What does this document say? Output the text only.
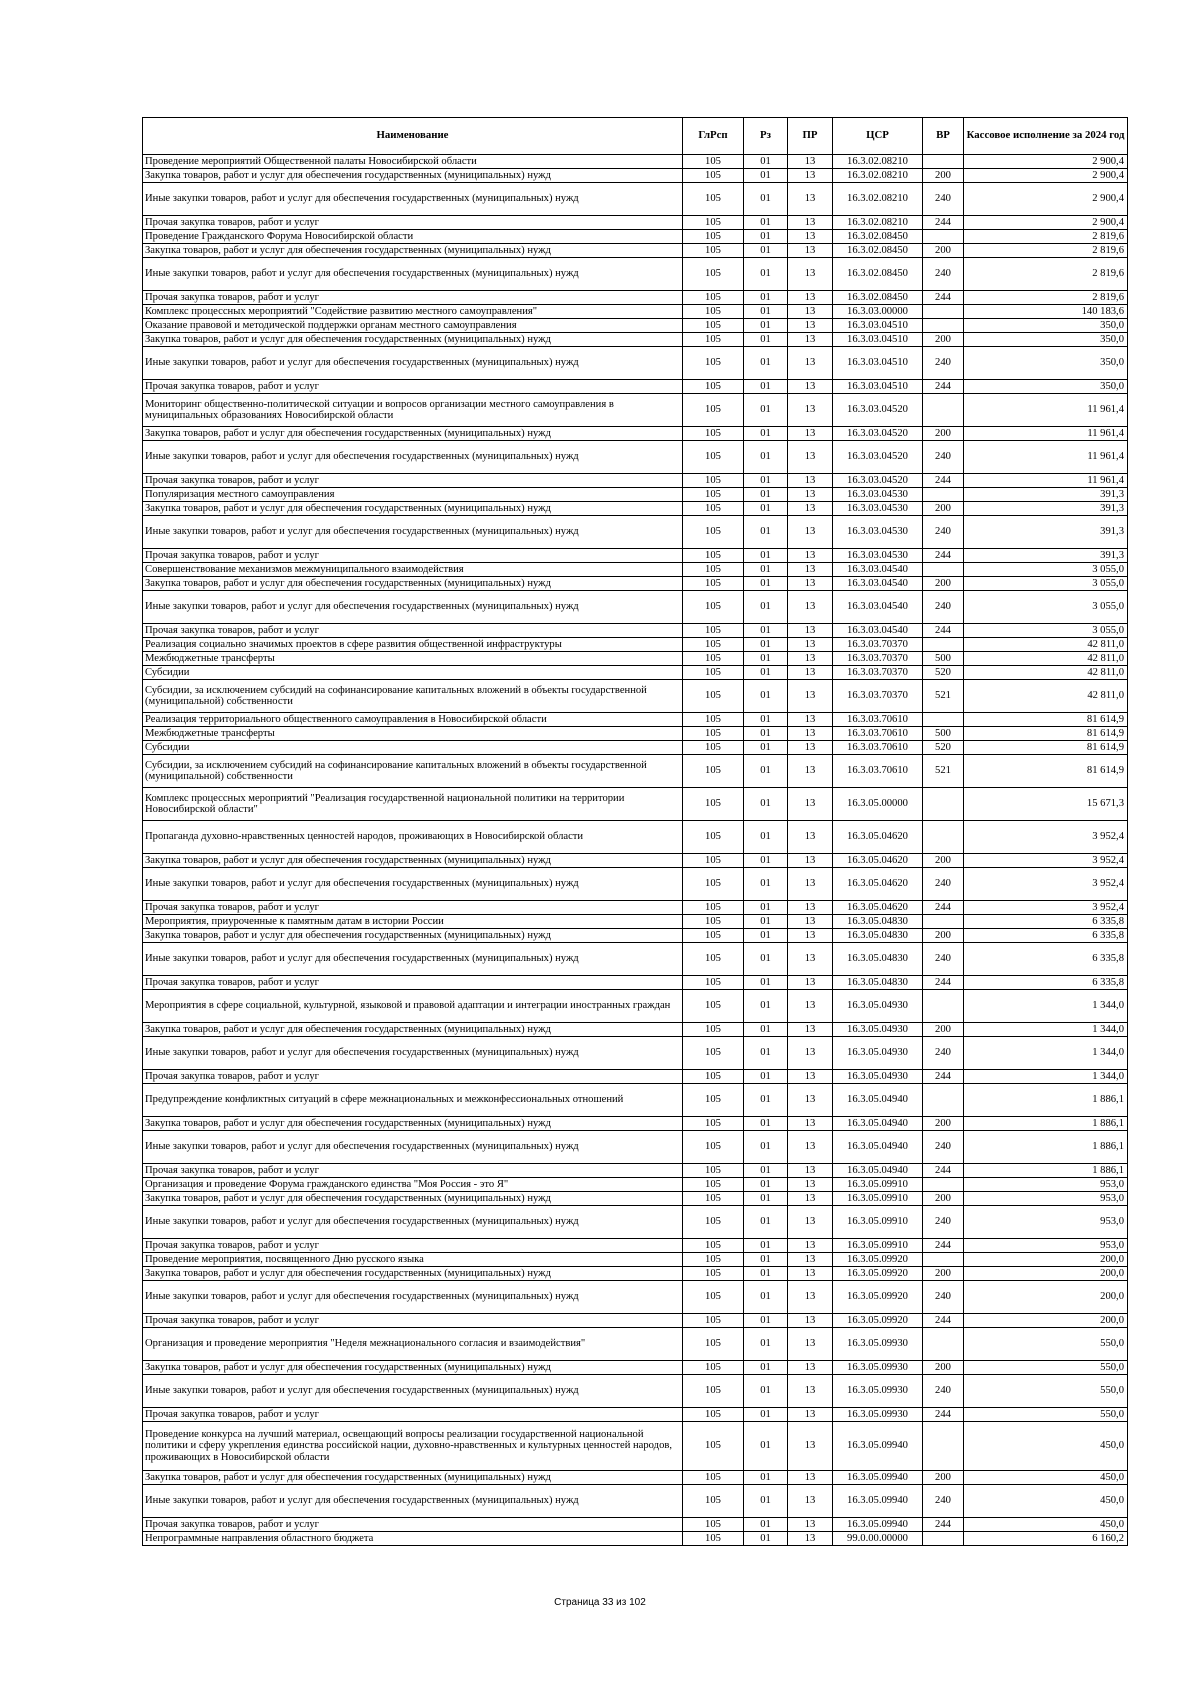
Наименование	ГлРсп	Рз	ПР	ЦСР	ВР	Кассовое исполнение за 2024 год
Проведение мероприятий Общественной палаты Новосибирской области	105	01	13	16.3.02.08210		2 900,4
Закупка товаров, работ и услуг для обеспечения государственных (муниципальных) нужд	105	01	13	16.3.02.08210	200	2 900,4
Иные закупки товаров, работ и услуг для обеспечения государственных (муниципальных) нужд	105	01	13	16.3.02.08210	240	2 900,4
Прочая закупка товаров, работ и услуг	105	01	13	16.3.02.08210	244	2 900,4
Проведение Гражданского Форума Новосибирской области	105	01	13	16.3.02.08450		2 819,6
Закупка товаров, работ и услуг для обеспечения государственных (муниципальных) нужд	105	01	13	16.3.02.08450	200	2 819,6
Иные закупки товаров, работ и услуг для обеспечения государственных (муниципальных) нужд	105	01	13	16.3.02.08450	240	2 819,6
Прочая закупка товаров, работ и услуг	105	01	13	16.3.02.08450	244	2 819,6
Комплекс процессных мероприятий "Содействие развитию местного самоуправления"	105	01	13	16.3.03.00000		140 183,6
Оказание правовой и методической поддержки органам местного самоуправления	105	01	13	16.3.03.04510		350,0
Закупка товаров, работ и услуг для обеспечения государственных (муниципальных) нужд	105	01	13	16.3.03.04510	200	350,0
Иные закупки товаров, работ и услуг для обеспечения государственных (муниципальных) нужд	105	01	13	16.3.03.04510	240	350,0
Прочая закупка товаров, работ и услуг	105	01	13	16.3.03.04510	244	350,0
Мониторинг общественно-политической ситуации и вопросов организации местного самоуправления в муниципальных образованиях Новосибирской области	105	01	13	16.3.03.04520		11 961,4
Закупка товаров, работ и услуг для обеспечения государственных (муниципальных) нужд	105	01	13	16.3.03.04520	200	11 961,4
Иные закупки товаров, работ и услуг для обеспечения государственных (муниципальных) нужд	105	01	13	16.3.03.04520	240	11 961,4
Прочая закупка товаров, работ и услуг	105	01	13	16.3.03.04520	244	11 961,4
Популяризация местного самоуправления	105	01	13	16.3.03.04530		391,3
Закупка товаров, работ и услуг для обеспечения государственных (муниципальных) нужд	105	01	13	16.3.03.04530	200	391,3
Иные закупки товаров, работ и услуг для обеспечения государственных (муниципальных) нужд	105	01	13	16.3.03.04530	240	391,3
Прочая закупка товаров, работ и услуг	105	01	13	16.3.03.04530	244	391,3
Совершенствование механизмов межмуниципального взаимодействия	105	01	13	16.3.03.04540		3 055,0
Закупка товаров, работ и услуг для обеспечения государственных (муниципальных) нужд	105	01	13	16.3.03.04540	200	3 055,0
Иные закупки товаров, работ и услуг для обеспечения государственных (муниципальных) нужд	105	01	13	16.3.03.04540	240	3 055,0
Прочая закупка товаров, работ и услуг	105	01	13	16.3.03.04540	244	3 055,0
Реализация социально значимых проектов в сфере развития общественной инфраструктуры	105	01	13	16.3.03.70370		42 811,0
Межбюджетные трансферты	105	01	13	16.3.03.70370	500	42 811,0
Субсидии	105	01	13	16.3.03.70370	520	42 811,0
Субсидии, за исключением субсидий на софинансирование капитальных вложений в объекты государственной (муниципальной) собственности	105	01	13	16.3.03.70370	521	42 811,0
Реализация территориального общественного самоуправления в Новосибирской области	105	01	13	16.3.03.70610		81 614,9
Межбюджетные трансферты	105	01	13	16.3.03.70610	500	81 614,9
Субсидии	105	01	13	16.3.03.70610	520	81 614,9
Субсидии, за исключением субсидий на софинансирование капитальных вложений в объекты государственной (муниципальной) собственности	105	01	13	16.3.03.70610	521	81 614,9
Комплекс процессных мероприятий "Реализация государственной национальной политики на территории Новосибирской области"	105	01	13	16.3.05.00000		15 671,3
Пропаганда духовно-нравственных ценностей народов, проживающих в Новосибирской области	105	01	13	16.3.05.04620		3 952,4
Закупка товаров, работ и услуг для обеспечения государственных (муниципальных) нужд	105	01	13	16.3.05.04620	200	3 952,4
Иные закупки товаров, работ и услуг для обеспечения государственных (муниципальных) нужд	105	01	13	16.3.05.04620	240	3 952,4
Прочая закупка товаров, работ и услуг	105	01	13	16.3.05.04620	244	3 952,4
Мероприятия, приуроченные к памятным датам в истории России	105	01	13	16.3.05.04830		6 335,8
Закупка товаров, работ и услуг для обеспечения государственных (муниципальных) нужд	105	01	13	16.3.05.04830	200	6 335,8
Иные закупки товаров, работ и услуг для обеспечения государственных (муниципальных) нужд	105	01	13	16.3.05.04830	240	6 335,8
Прочая закупка товаров, работ и услуг	105	01	13	16.3.05.04830	244	6 335,8
Мероприятия в сфере социальной, культурной, языковой и правовой адаптации и интеграции иностранных граждан	105	01	13	16.3.05.04930		1 344,0
Закупка товаров, работ и услуг для обеспечения государственных (муниципальных) нужд	105	01	13	16.3.05.04930	200	1 344,0
Иные закупки товаров, работ и услуг для обеспечения государственных (муниципальных) нужд	105	01	13	16.3.05.04930	240	1 344,0
Прочая закупка товаров, работ и услуг	105	01	13	16.3.05.04930	244	1 344,0
Предупреждение конфликтных ситуаций в сфере межнациональных и межконфессиональных отношений	105	01	13	16.3.05.04940		1 886,1
Закупка товаров, работ и услуг для обеспечения государственных (муниципальных) нужд	105	01	13	16.3.05.04940	200	1 886,1
Иные закупки товаров, работ и услуг для обеспечения государственных (муниципальных) нужд	105	01	13	16.3.05.04940	240	1 886,1
Прочая закупка товаров, работ и услуг	105	01	13	16.3.05.04940	244	1 886,1
Организация и проведение Форума гражданского единства "Моя Россия - это Я"	105	01	13	16.3.05.09910		953,0
Закупка товаров, работ и услуг для обеспечения государственных (муниципальных) нужд	105	01	13	16.3.05.09910	200	953,0
Иные закупки товаров, работ и услуг для обеспечения государственных (муниципальных) нужд	105	01	13	16.3.05.09910	240	953,0
Прочая закупка товаров, работ и услуг	105	01	13	16.3.05.09910	244	953,0
Проведение мероприятия, посвященного Дню русского языка	105	01	13	16.3.05.09920		200,0
Закупка товаров, работ и услуг для обеспечения государственных (муниципальных) нужд	105	01	13	16.3.05.09920	200	200,0
Иные закупки товаров, работ и услуг для обеспечения государственных (муниципальных) нужд	105	01	13	16.3.05.09920	240	200,0
Прочая закупка товаров, работ и услуг	105	01	13	16.3.05.09920	244	200,0
Организация и проведение мероприятия "Неделя межнационального согласия и взаимодействия"	105	01	13	16.3.05.09930		550,0
Закупка товаров, работ и услуг для обеспечения государственных (муниципальных) нужд	105	01	13	16.3.05.09930	200	550,0
Иные закупки товаров, работ и услуг для обеспечения государственных (муниципальных) нужд	105	01	13	16.3.05.09930	240	550,0
Прочая закупка товаров, работ и услуг	105	01	13	16.3.05.09930	244	550,0
Проведение конкурса на лучший материал, освещающий вопросы реализации государственной национальной политики и сферу укрепления единства российской нации, духовно-нравственных и культурных ценностей народов, проживающих в Новосибирской области	105	01	13	16.3.05.09940		450,0
Закупка товаров, работ и услуг для обеспечения государственных (муниципальных) нужд	105	01	13	16.3.05.09940	200	450,0
Иные закупки товаров, работ и услуг для обеспечения государственных (муниципальных) нужд	105	01	13	16.3.05.09940	240	450,0
Прочая закупка товаров, работ и услуг	105	01	13	16.3.05.09940	244	450,0
Непрограммные направления областного бюджета	105	01	13	99.0.00.00000		6 160,2
Страница 33 из 102
